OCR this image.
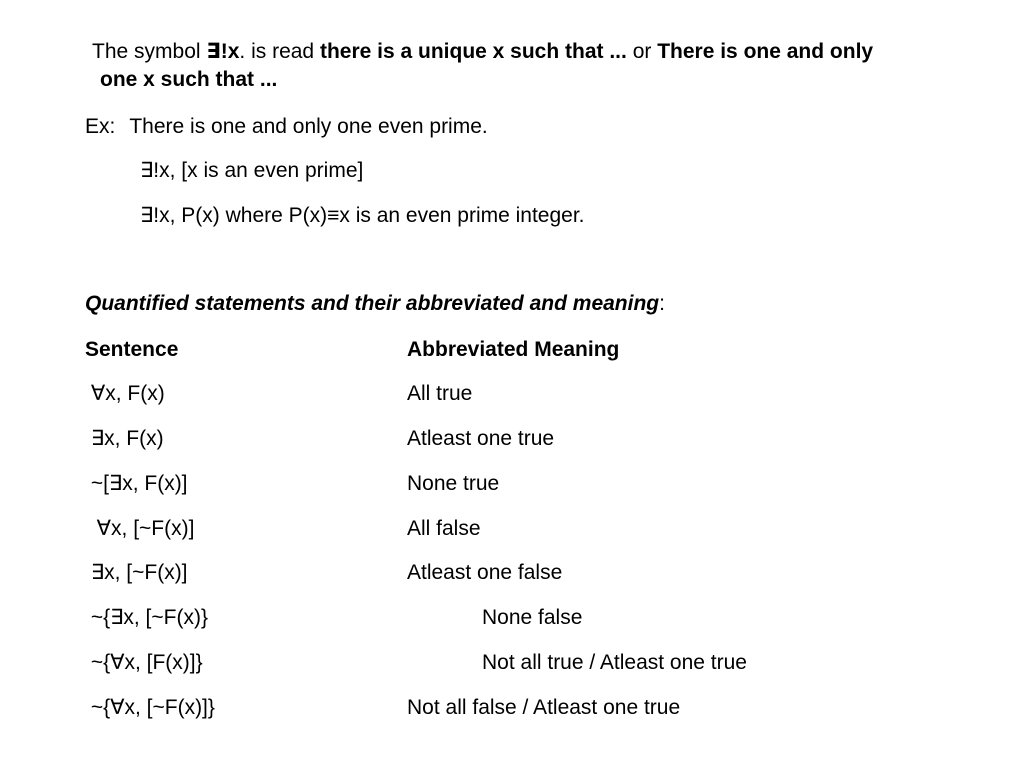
The symbol ∃!x. is read there is a unique x such that ... or There is one and only
one x such that ...
Ex: There is one and only one even prime.
∃!x, [x is an even prime]
∃!x, P(x) where P(x)≡x is an even prime integer.
Quantified statements and their abbreviated and meaning:
Sentence	Abbreviated Meaning
∀x, F(x)	All true
∃x, F(x)	Atleast one true
~[∃x, F(x)]	None true
∀x, [~F(x)]	All false
∃x, [~F(x)]	Atleast one false
~{∃x, [~F(x)}	None false
~{∀x, [F(x)]}	Not all true / Atleast one true
~{∀x, [~F(x)]}	Not all false / Atleast one true
